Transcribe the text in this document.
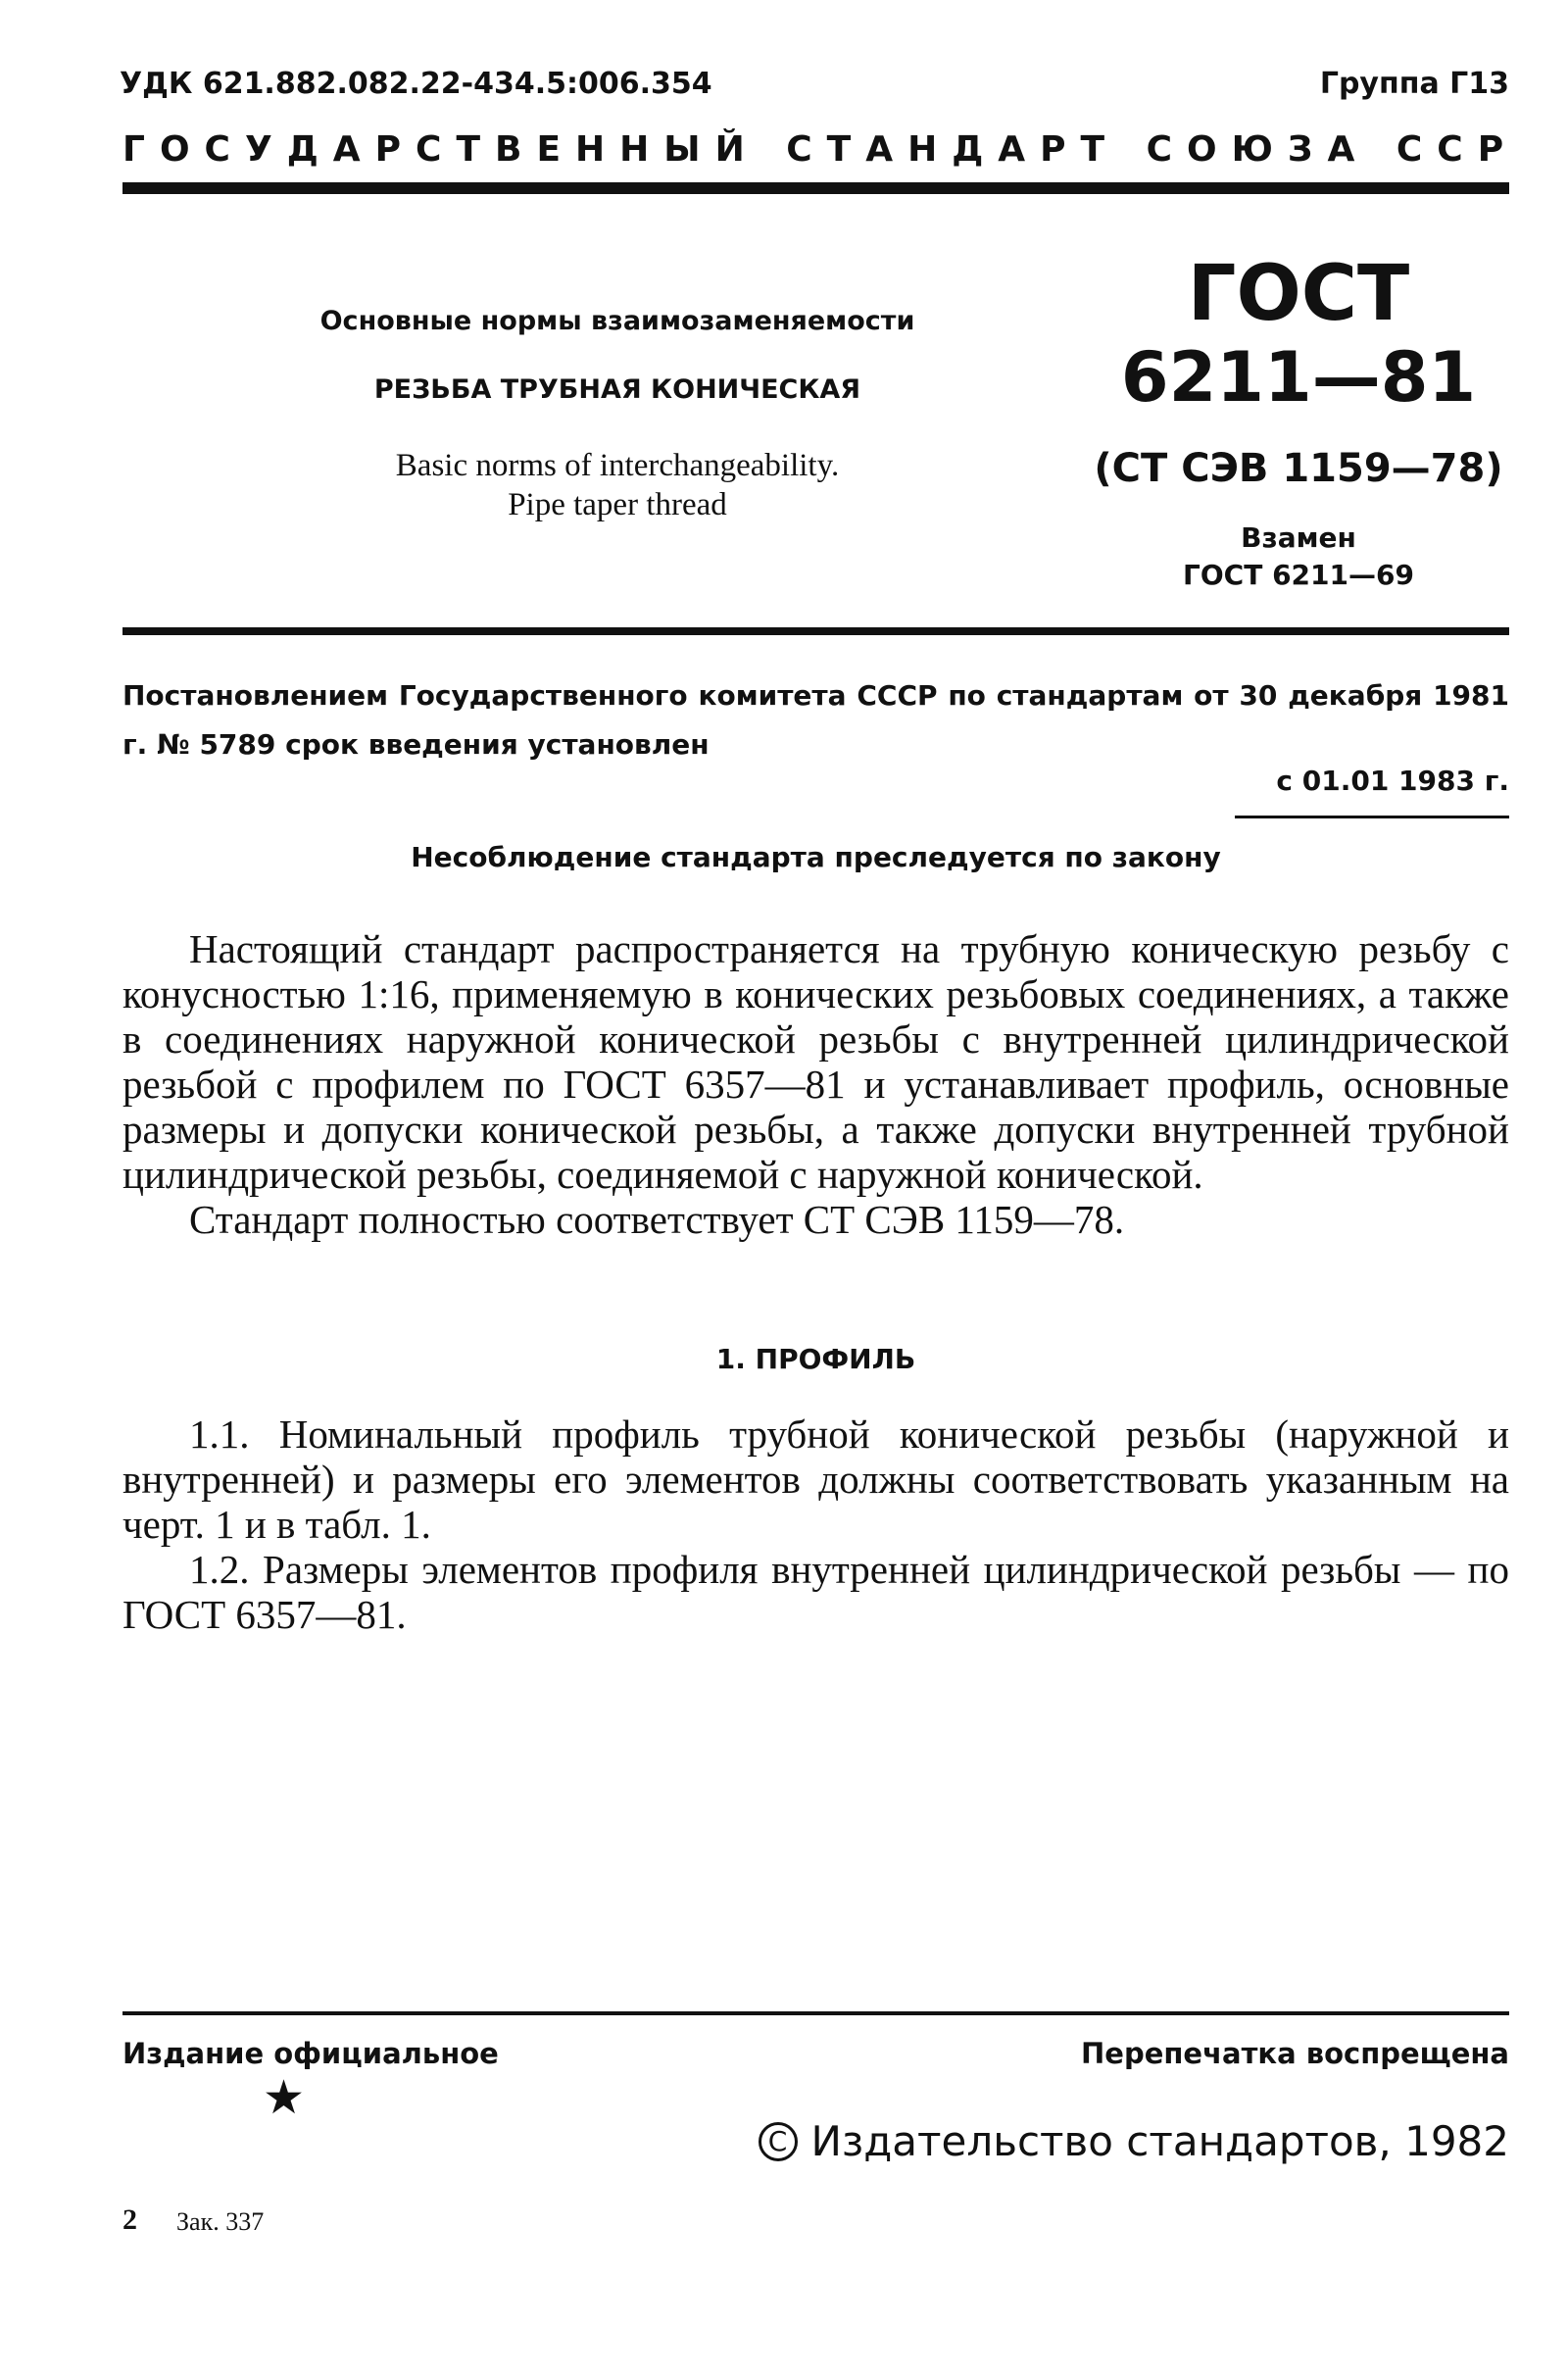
УДК 621.882.082.22-434.5:006.354	Группа Г13
ГОСУДАРСТВЕННЫЙ СТАНДАРТ СОЮЗА ССР
Основные нормы взаимозаменяемости
РЕЗЬБА ТРУБНАЯ КОНИЧЕСКАЯ
Basic norms of interchangeability.
Pipe taper thread
ГОСТ
6211—81
(СТ СЭВ 1159—78)
Взамен
ГОСТ 6211—69
Постановлением Государственного комитета СССР по стандартам от 30 декабря 1981 г. № 5789 срок введения установлен
с 01.01 1983 г.
Несоблюдение стандарта преследуется по закону

Настоящий стандарт распространяется на трубную коническую резьбу с конусностью 1:16, применяемую в конических резьбовых соединениях, а также в соединениях наружной конической резьбы с внутренней цилиндрической резьбой с профилем по ГОСТ 6357—81 и устанавливает профиль, основные размеры и допуски конической резьбы, а также допуски внутренней трубной цилиндрической резьбы, соединяемой с наружной конической.

Стандарт полностью соответствует СТ СЭВ 1159—78.

1. ПРОФИЛЬ

1.1. Номинальный профиль трубной конической резьбы (наружной и внутренней) и размеры его элементов должны соответствовать указанным на черт. 1 и в табл. 1.

1.2. Размеры элементов профиля внутренней цилиндрической резьбы — по ГОСТ 6357—81.

Издание официальное	Перепечатка воспрещена
★
C Издательство стандартов, 1982
2 Зак. 337
